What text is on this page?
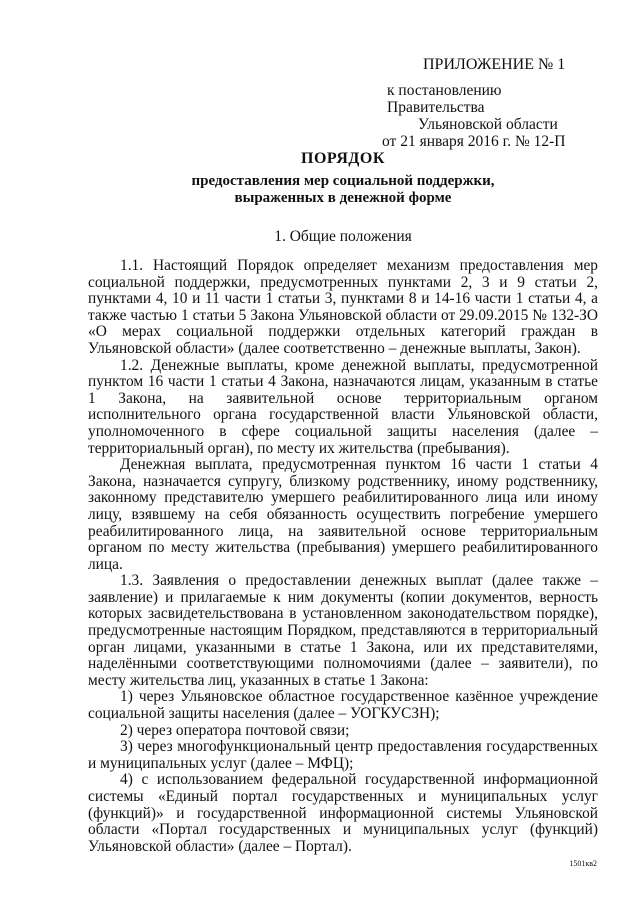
ПРИЛОЖЕНИЕ № 1
к постановлению Правительства
Ульяновской области
от 21 января 2016 г. № 12-П
ПОРЯДОК
предоставления мер социальной поддержки,
выраженных в денежной форме
1. Общие положения

1.1. Настоящий Порядок определяет механизм предоставления мер социальной поддержки, предусмотренных пунктами 2, 3 и 9 статьи 2, пунктами 4, 10 и 11 части 1 статьи 3, пунктами 8 и 14-16 части 1 статьи 4, а также частью 1 статьи 5 Закона Ульяновской области от 29.09.2015 № 132-ЗО «О мерах социальной поддержки отдельных категорий граждан в Ульяновской области» (далее соответственно – денежные выплаты, Закон).

1.2. Денежные выплаты, кроме денежной выплаты, предусмотренной пунктом 16 части 1 статьи 4 Закона, назначаются лицам, указанным в статье 1 Закона, на заявительной основе территориальным органом исполнительного органа государственной власти Ульяновской области, уполномоченного в сфере социальной защиты населения (далее – территориальный орган), по месту их жительства (пребывания).

Денежная выплата, предусмотренная пунктом 16 части 1 статьи 4 Закона, назначается супругу, близкому родственнику, иному родственнику, законному представителю умершего реабилитированного лица или иному лицу, взявшему на себя обязанность осуществить погребение умершего реабилитированного лица, на заявительной основе территориальным органом по месту жительства (пребывания) умершего реабилитированного лица.

1.3. Заявления о предоставлении денежных выплат (далее также – заявление) и прилагаемые к ним документы (копии документов, верность которых засвидетельствована в установленном законодательством порядке), предусмотренные настоящим Порядком, представляются в территориальный орган лицами, указанными в статье 1 Закона, или их представителями, наделёнными соответствующими полномочиями (далее – заявители), по месту жительства лиц, указанных в статье 1 Закона:

1) через Ульяновское областное государственное казённое учреждение социальной защиты населения (далее – УОГКУСЗН);

2) через оператора почтовой связи;

3) через многофункциональный центр предоставления государственных и муниципальных услуг (далее – МФЦ);

4) с использованием федеральной государственной информационной системы «Единый портал государственных и муниципальных услуг (функций)» и государственной информационной системы Ульяновской области «Портал государственных и муниципальных услуг (функций) Ульяновской области» (далее – Портал).

1501кв2
